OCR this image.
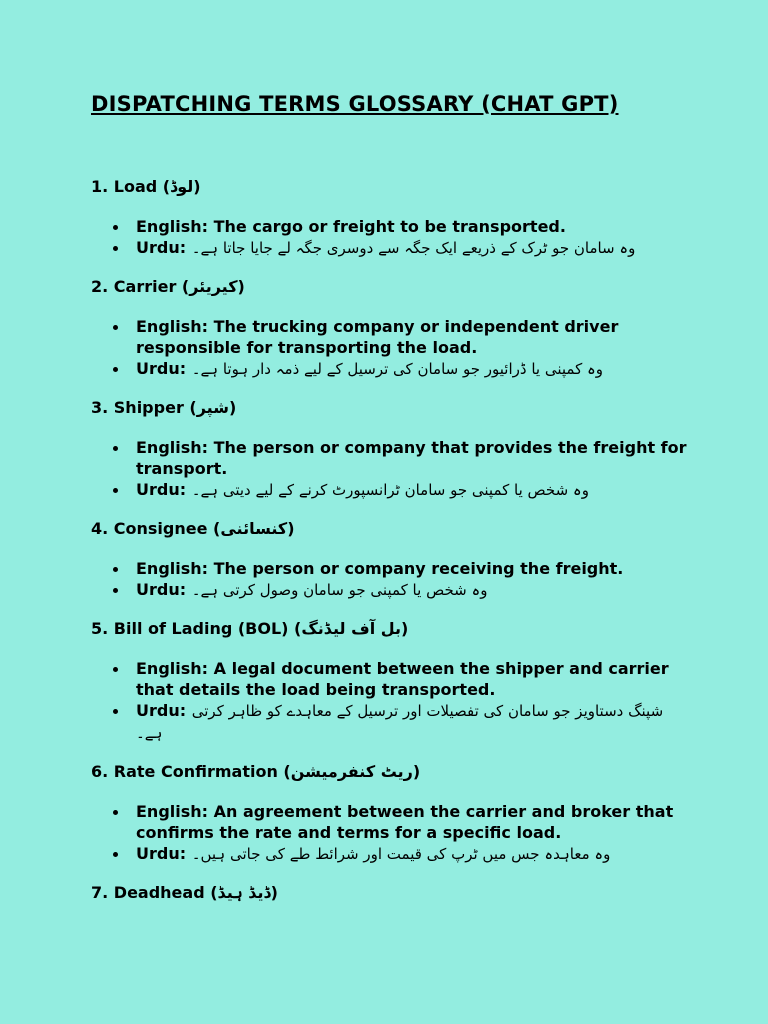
DISPATCHING TERMS GLOSSARY (CHAT GPT)
1. Load (لوڈ)
English: The cargo or freight to be transported.
Urdu: وہ سامان جو ٹرک کے ذریعے ایک جگہ سے دوسری جگہ لے جایا جاتا ہے۔
2. Carrier (کیریئر)
English: The trucking company or independent driver responsible for transporting the load.
Urdu: وہ کمپنی یا ڈرائیور جو سامان کی ترسیل کے لیے ذمہ دار ہوتا ہے۔
3. Shipper (شپر)
English: The person or company that provides the freight for transport.
Urdu: وہ شخص یا کمپنی جو سامان ٹرانسپورٹ کرنے کے لیے دیتی ہے۔
4. Consignee (کنسائنی)
English: The person or company receiving the freight.
Urdu: وہ شخص یا کمپنی جو سامان وصول کرتی ہے۔
5. Bill of Lading (BOL) (بل آف لیڈنگ)
English: A legal document between the shipper and carrier that details the load being transported.
Urdu: شپنگ دستاویز جو سامان کی تفصیلات اور ترسیل کے معاہدے کو ظاہر کرتی ہے۔
6. Rate Confirmation (ریٹ کنفرمیشن)
English: An agreement between the carrier and broker that confirms the rate and terms for a specific load.
Urdu: وہ معاہدہ جس میں ٹرپ کی قیمت اور شرائط طے کی جاتی ہیں۔
7. Deadhead (ڈیڈ ہیڈ)
